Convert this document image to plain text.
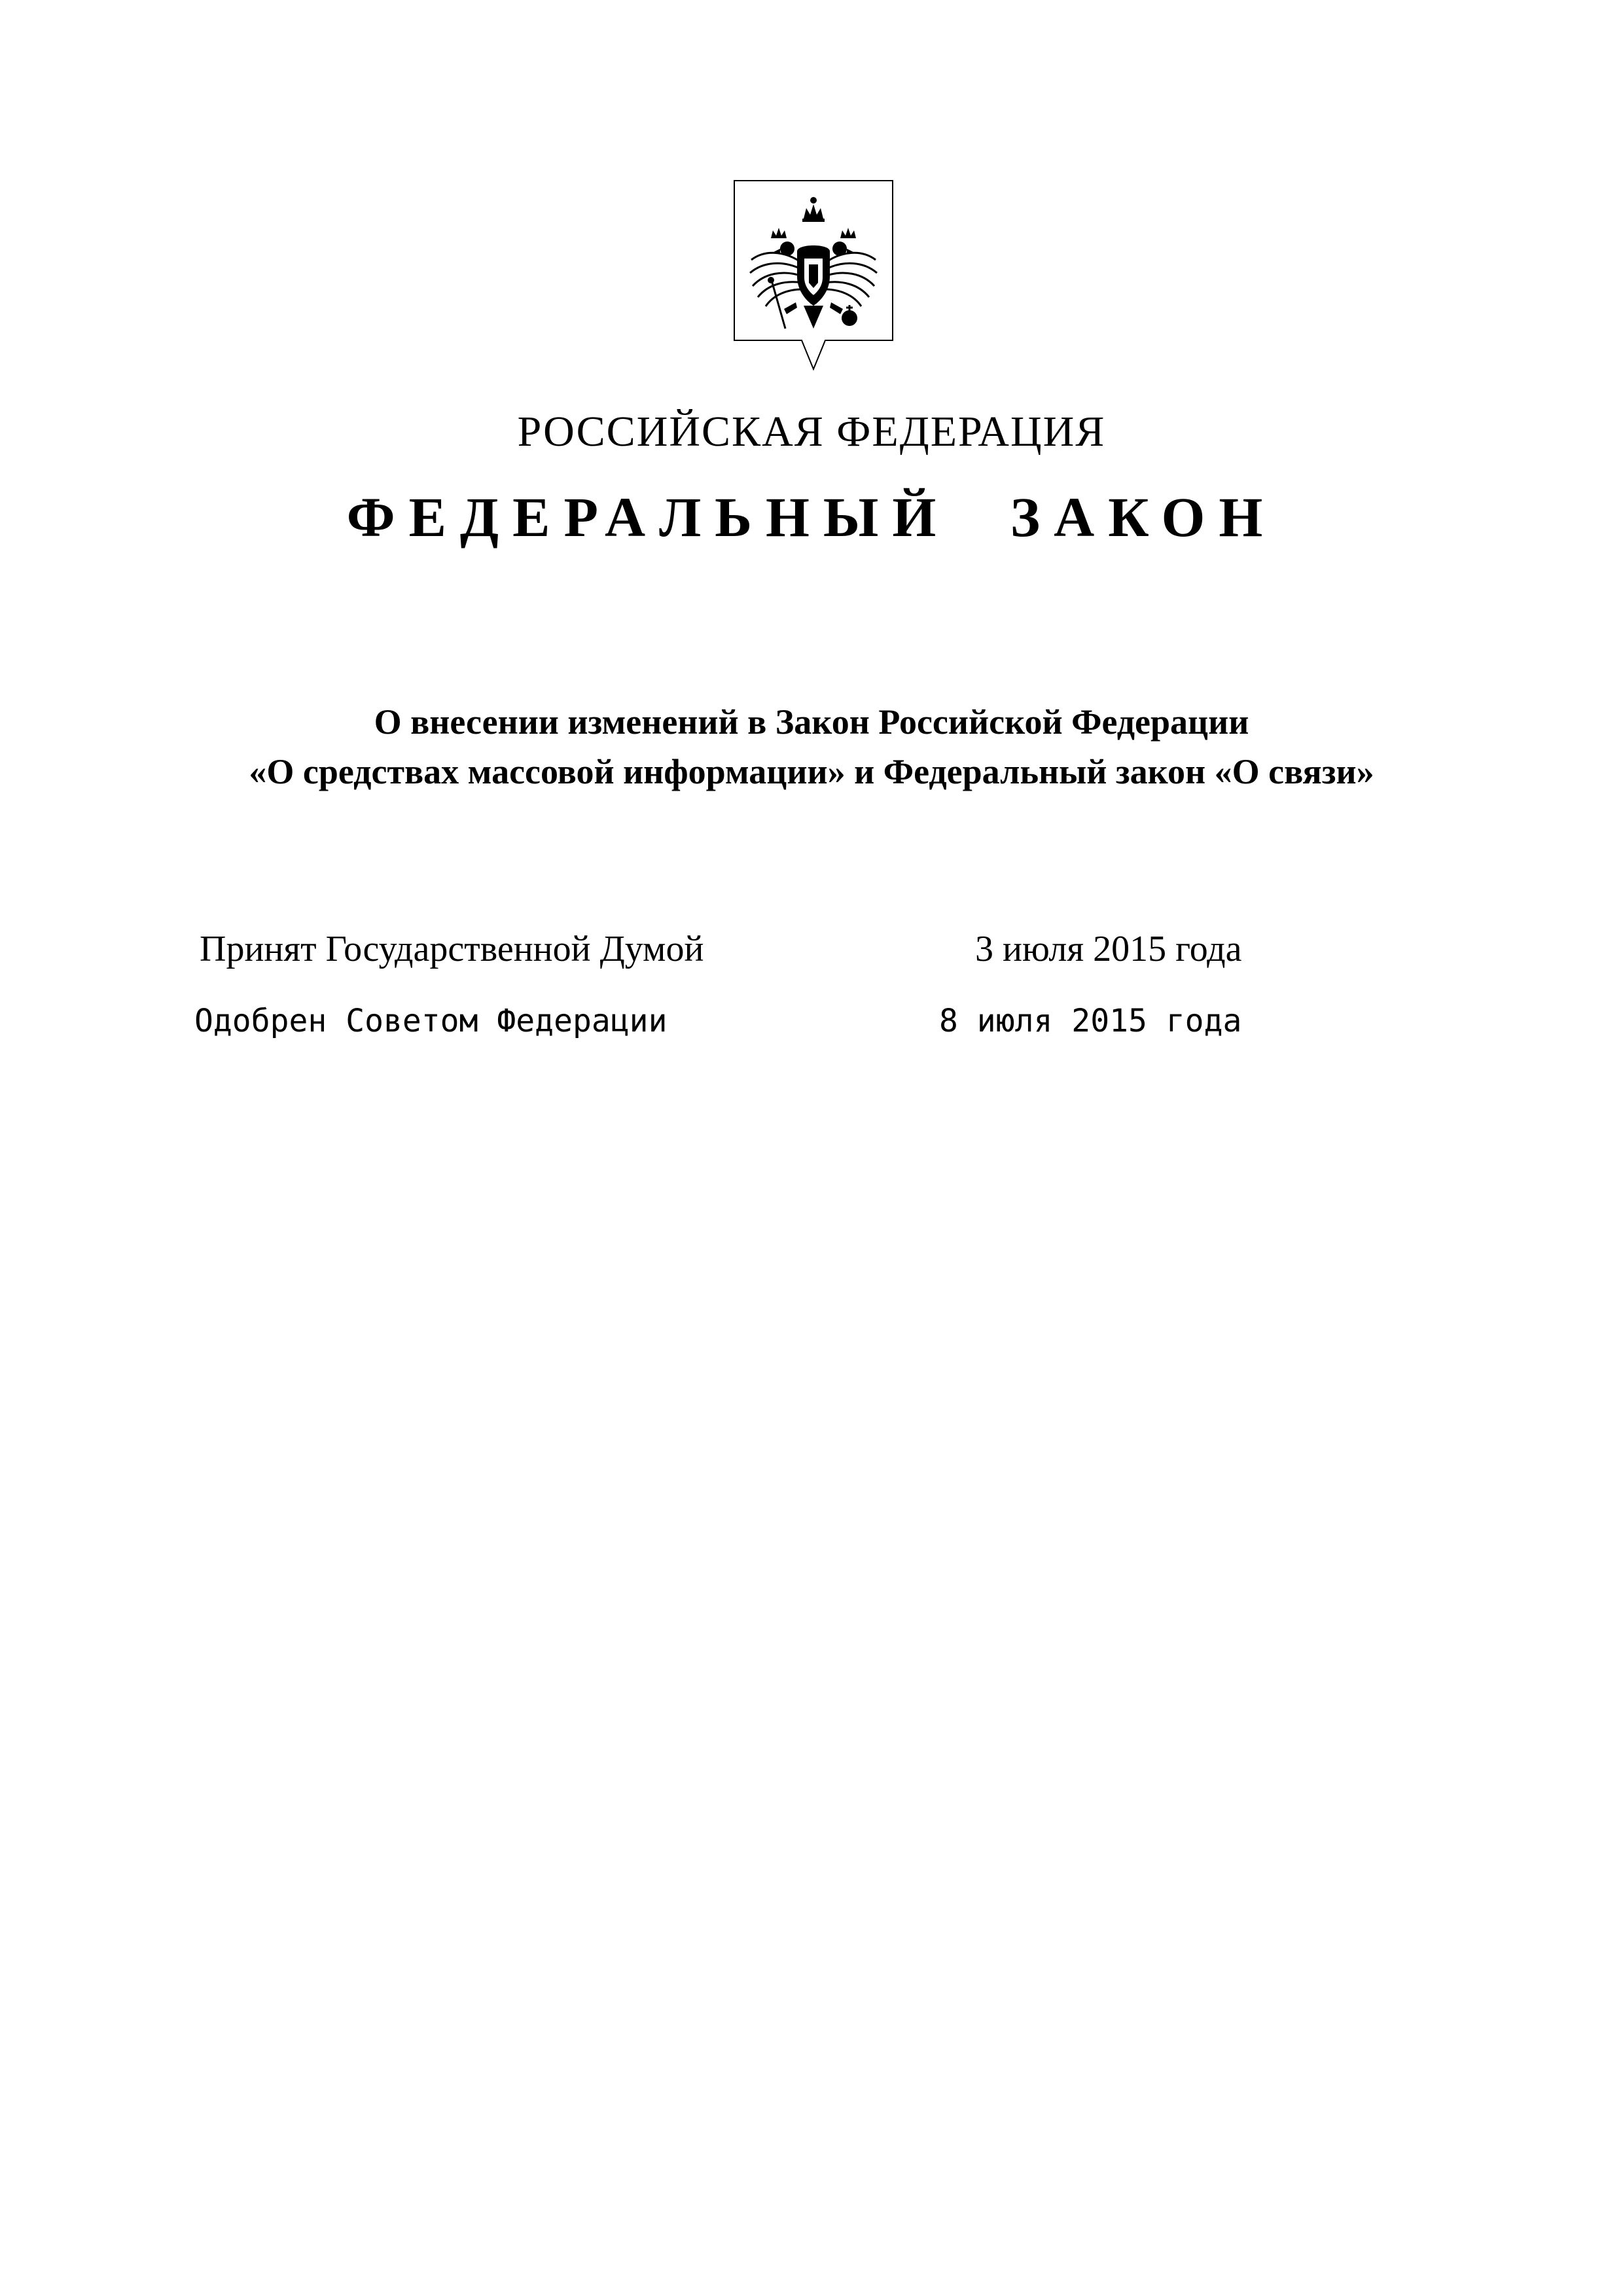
РОССИЙСКАЯ ФЕДЕРАЦИЯ
ФЕДЕРАЛЬНЫЙ ЗАКОН
О внесении изменений в Закон Российской Федерации
«О средствах массовой информации» и Федеральный закон «О связи»
Принят Государственной Думой	3 июля 2015 года
Одобрен Советом Федерации	8 июля 2015 года
